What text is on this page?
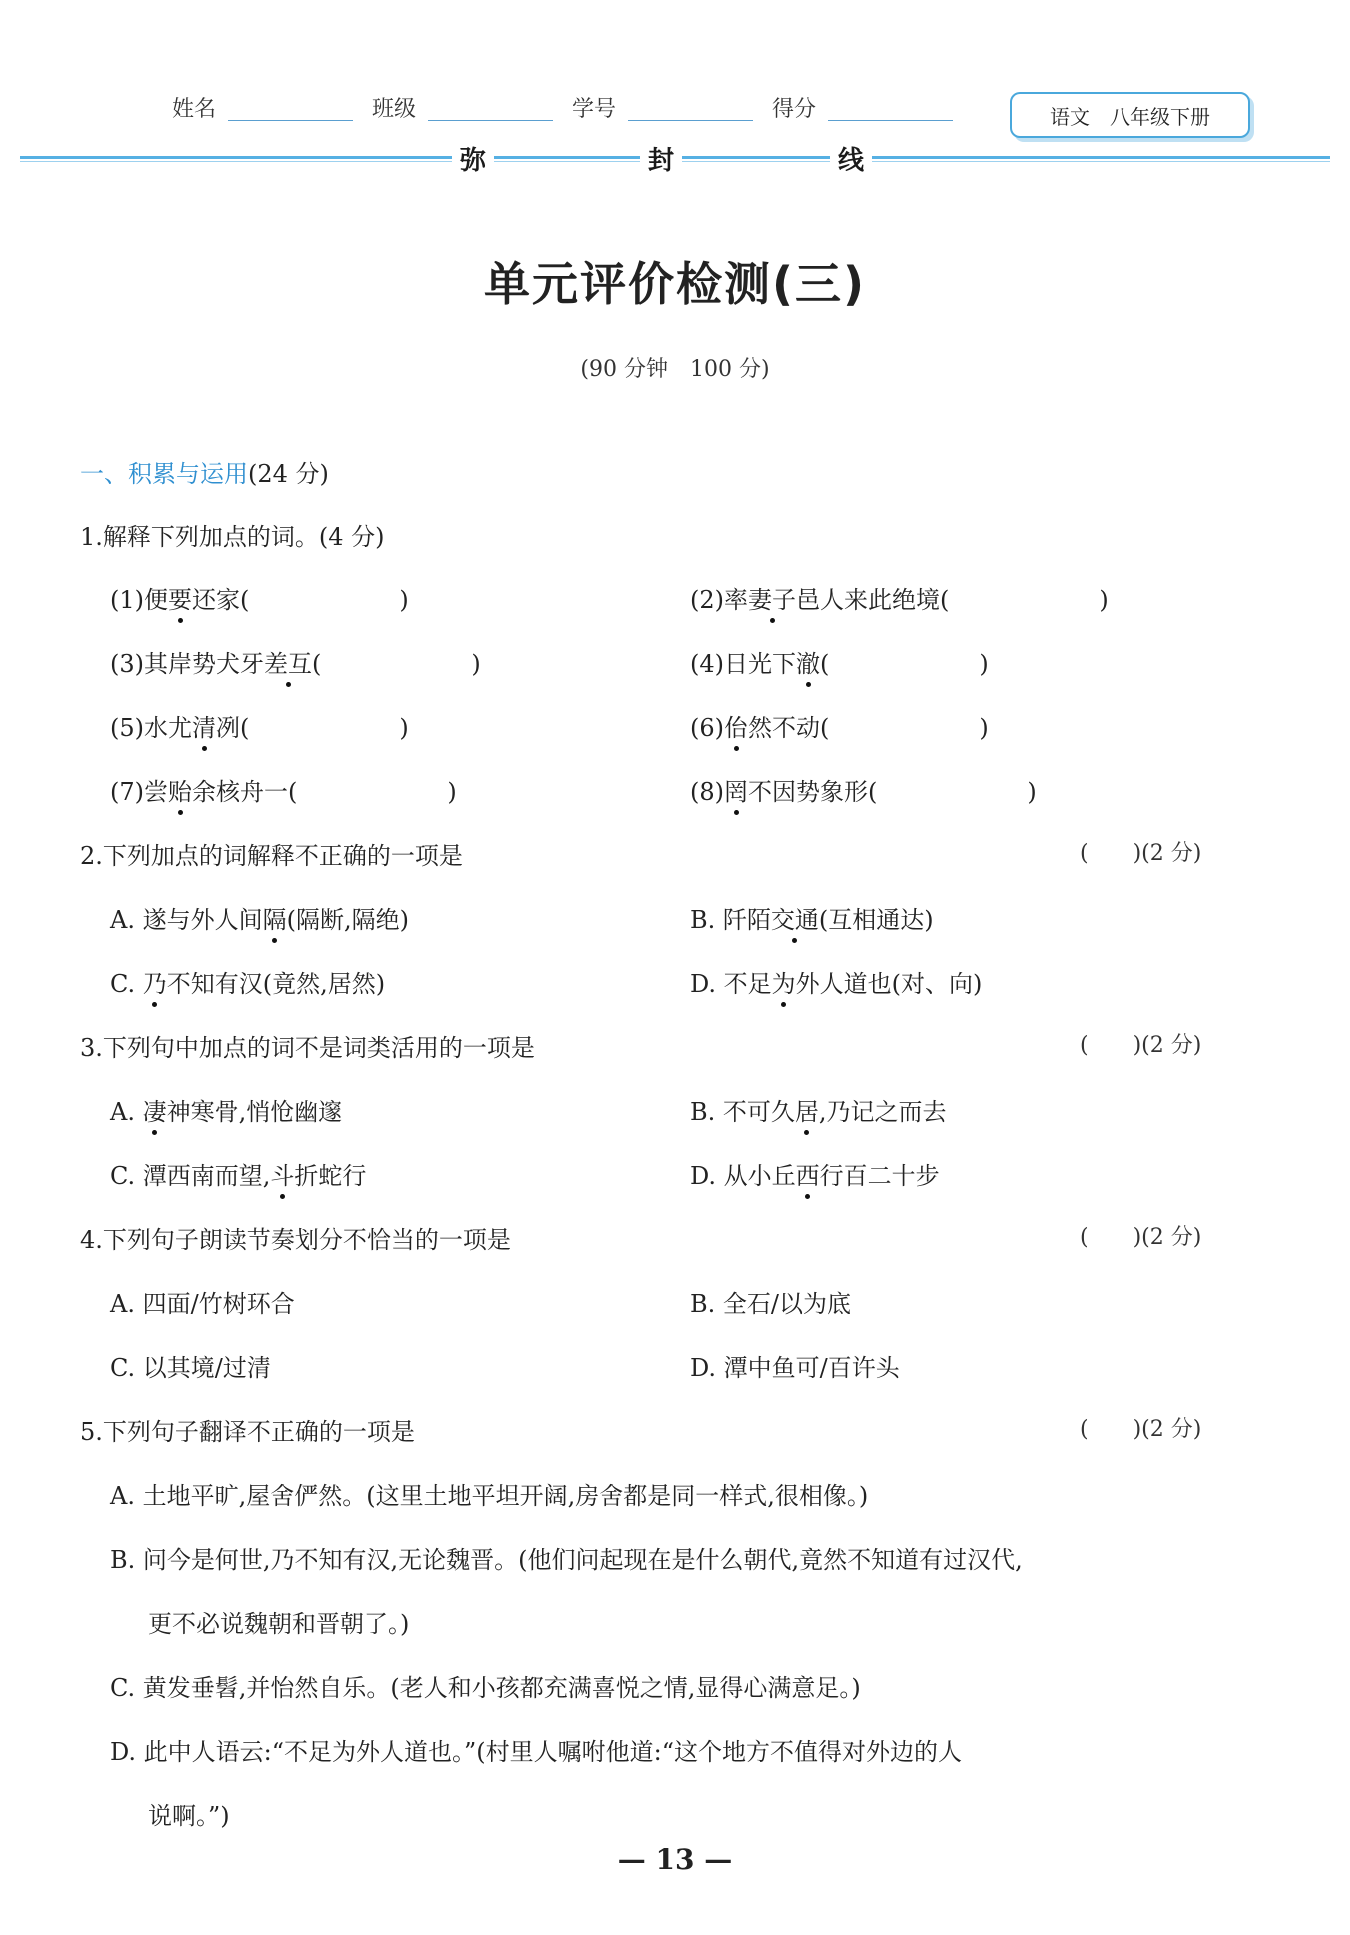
姓名	班级	学号	得分	语文 八年级下册
弥	封	线
单元评价检测(三)
(90 分钟　100 分)
一、积累与运用(24 分)
1.解释下列加点的词。(4 分)
(1)便要还家(	)	(2)率妻子邑人来此绝境(	)
(3)其岸势犬牙差互(	)	(4)日光下澈(	)
(5)水尤清冽(	)	(6)佁然不动(	)
(7)尝贻余核舟一(	)	(8)罔不因势象形(	)
2.下列加点的词解释不正确的一项是	(　　)(2 分)
A. 遂与外人间隔(隔断,隔绝)	B. 阡陌交通(互相通达)
C. 乃不知有汉(竟然,居然)	D. 不足为外人道也(对、向)
3.下列句中加点的词不是词类活用的一项是	(　　)(2 分)
A. 凄神寒骨,悄怆幽邃	B. 不可久居,乃记之而去
C. 潭西南而望,斗折蛇行	D. 从小丘西行百二十步
4.下列句子朗读节奏划分不恰当的一项是	(　　)(2 分)
A. 四面/竹树环合	B. 全石/以为底
C. 以其境/过清	D. 潭中鱼可/百许头
5.下列句子翻译不正确的一项是	(　　)(2 分)
A. 土地平旷,屋舍俨然。(这里土地平坦开阔,房舍都是同一样式,很相像。)
B. 问今是何世,乃不知有汉,无论魏晋。(他们问起现在是什么朝代,竟然不知道有过汉代,
更不必说魏朝和晋朝了。)
C. 黄发垂髫,并怡然自乐。(老人和小孩都充满喜悦之情,显得心满意足。)
D. 此中人语云:“不足为外人道也。”(村里人嘱咐他道:“这个地方不值得对外边的人
说啊。”)
— 13 —
